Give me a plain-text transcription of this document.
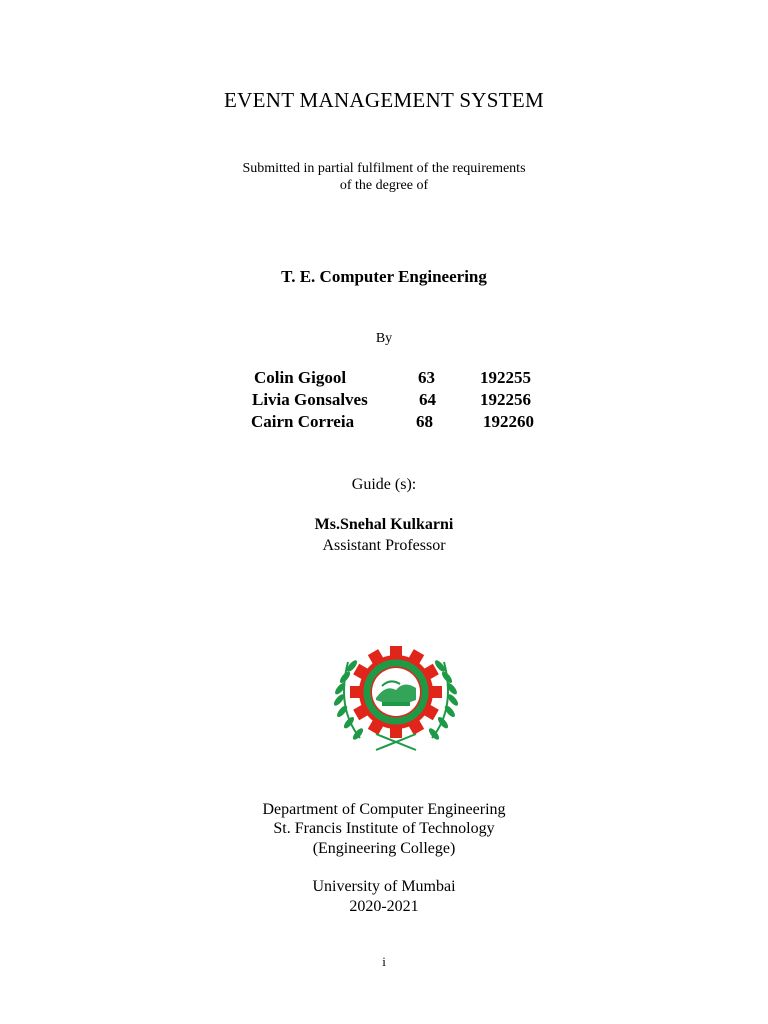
EVENT MANAGEMENT SYSTEM
Submitted in partial fulfilment of the requirements
of the degree of
T. E. Computer Engineering
By
Colin Gigool	63	192255
Livia Gonsalves	64	192256
Cairn Correia	68	192260
Guide (s):
Ms.Snehal Kulkarni
Assistant Professor
Department of Computer Engineering
St. Francis Institute of Technology
(Engineering College)
University of Mumbai
2020-2021
i
